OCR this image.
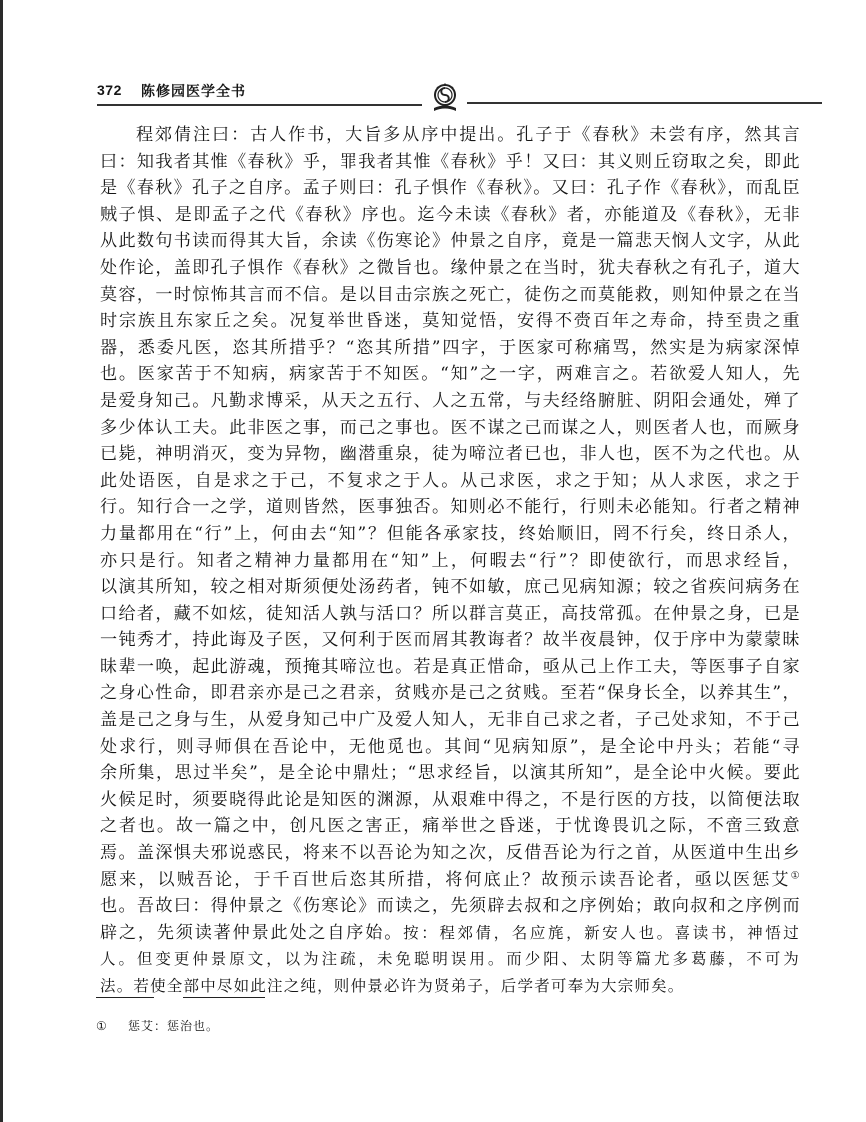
372 陈修园医学全书
程郊倩注曰：古人作书，大旨多从序中提出。孔子于《春秋》未尝有序，然其言
曰：知我者其惟《春秋》乎，罪我者其惟《春秋》乎！又曰：其义则丘窃取之矣，即此
是《春秋》孔子之自序。孟子则曰：孔子惧作《春秋》。又曰：孔子作《春秋》，而乱臣
贼子惧、是即孟子之代《春秋》序也。迄今未读《春秋》者，亦能道及《春秋》，无非
从此数句书读而得其大旨，余读《伤寒论》仲景之自序，竟是一篇悲天悯人文字，从此
处作论，盖即孔子惧作《春秋》之微旨也。缘仲景之在当时，犹夫春秋之有孔子，道大
莫容，一时惊怖其言而不信。是以目击宗族之死亡，徒伤之而莫能救，则知仲景之在当
时宗族且东家丘之矣。况复举世昏迷，莫知觉悟，安得不赍百年之寿命，持至贵之重
器，悉委凡医，恣其所措乎？“恣其所措”四字，于医家可称痛骂，然实是为病家深悼
也。医家苦于不知病，病家苦于不知医。“知”之一字，两难言之。若欲爱人知人，先
是爱身知己。凡勤求博采，从天之五行、人之五常，与夫经络腑脏、阴阳会通处，殚了
多少体认工夫。此非医之事，而己之事也。医不谋之己而谋之人，则医者人也，而厥身
已毙，神明消灭，变为异物，幽潜重泉，徒为啼泣者已也，非人也，医不为之代也。从
此处语医，自是求之于己，不复求之于人。从己求医，求之于知；从人求医，求之于
行。知行合一之学，道则皆然，医事独否。知则必不能行，行则未必能知。行者之精神
力量都用在“行”上，何由去“知”？但能各承家技，终始顺旧，罔不行矣，终日杀人，
亦只是行。知者之精神力量都用在“知”上，何暇去“行”？即使欲行，而思求经旨，
以演其所知，较之相对斯须便处汤药者，钝不如敏，庶己见病知源；较之省疾问病务在
口给者，藏不如炫，徒知活人孰与活口？所以群言莫正，高技常孤。在仲景之身，已是
一钝秀才，持此诲及子医，又何利于医而屑其教诲者？故半夜晨钟，仅于序中为蒙蒙昧
昧辈一唤，起此游魂，预掩其啼泣也。若是真正惜命，亟从己上作工夫，等医事子自家
之身心性命，即君亲亦是己之君亲，贫贱亦是己之贫贱。至若“保身长全，以养其生”，
盖是己之身与生，从爱身知己中广及爱人知人，无非自己求之者，子己处求知，不于己
处求行，则寻师俱在吾论中，无他觅也。其间“见病知原”，是全论中丹头；若能“寻
余所集，思过半矣”，是全论中鼎灶；“思求经旨，以演其所知”，是全论中火候。要此
火候足时，须要晓得此论是知医的渊源，从艰难中得之，不是行医的方技，以简便法取
之者也。故一篇之中，创凡医之害正，痛举世之昏迷，于忧谗畏讥之际，不啻三致意
焉。盖深惧夫邪说惑民，将来不以吾论为知之次，反借吾论为行之首，从医道中生出乡
愿来，以贼吾论，于千百世后恣其所措，将何底止？故预示读吾论者，亟以医惩艾①
也。吾故曰：得仲景之《伤寒论》而读之，先须辟去叔和之序例始；敢向叔和之序例而
辟之，先须读著仲景此处之自序始。按：程郊倩，名应旄，新安人也。喜读书，神悟过
人。但变更仲景原文，以为注疏，未免聪明误用。而少阳、太阴等篇尤多葛藤，不可为
法。若使全部中尽如此注之纯，则仲景必许为贤弟子，后学者可奉为大宗师矣。
① 惩艾：惩治也。
